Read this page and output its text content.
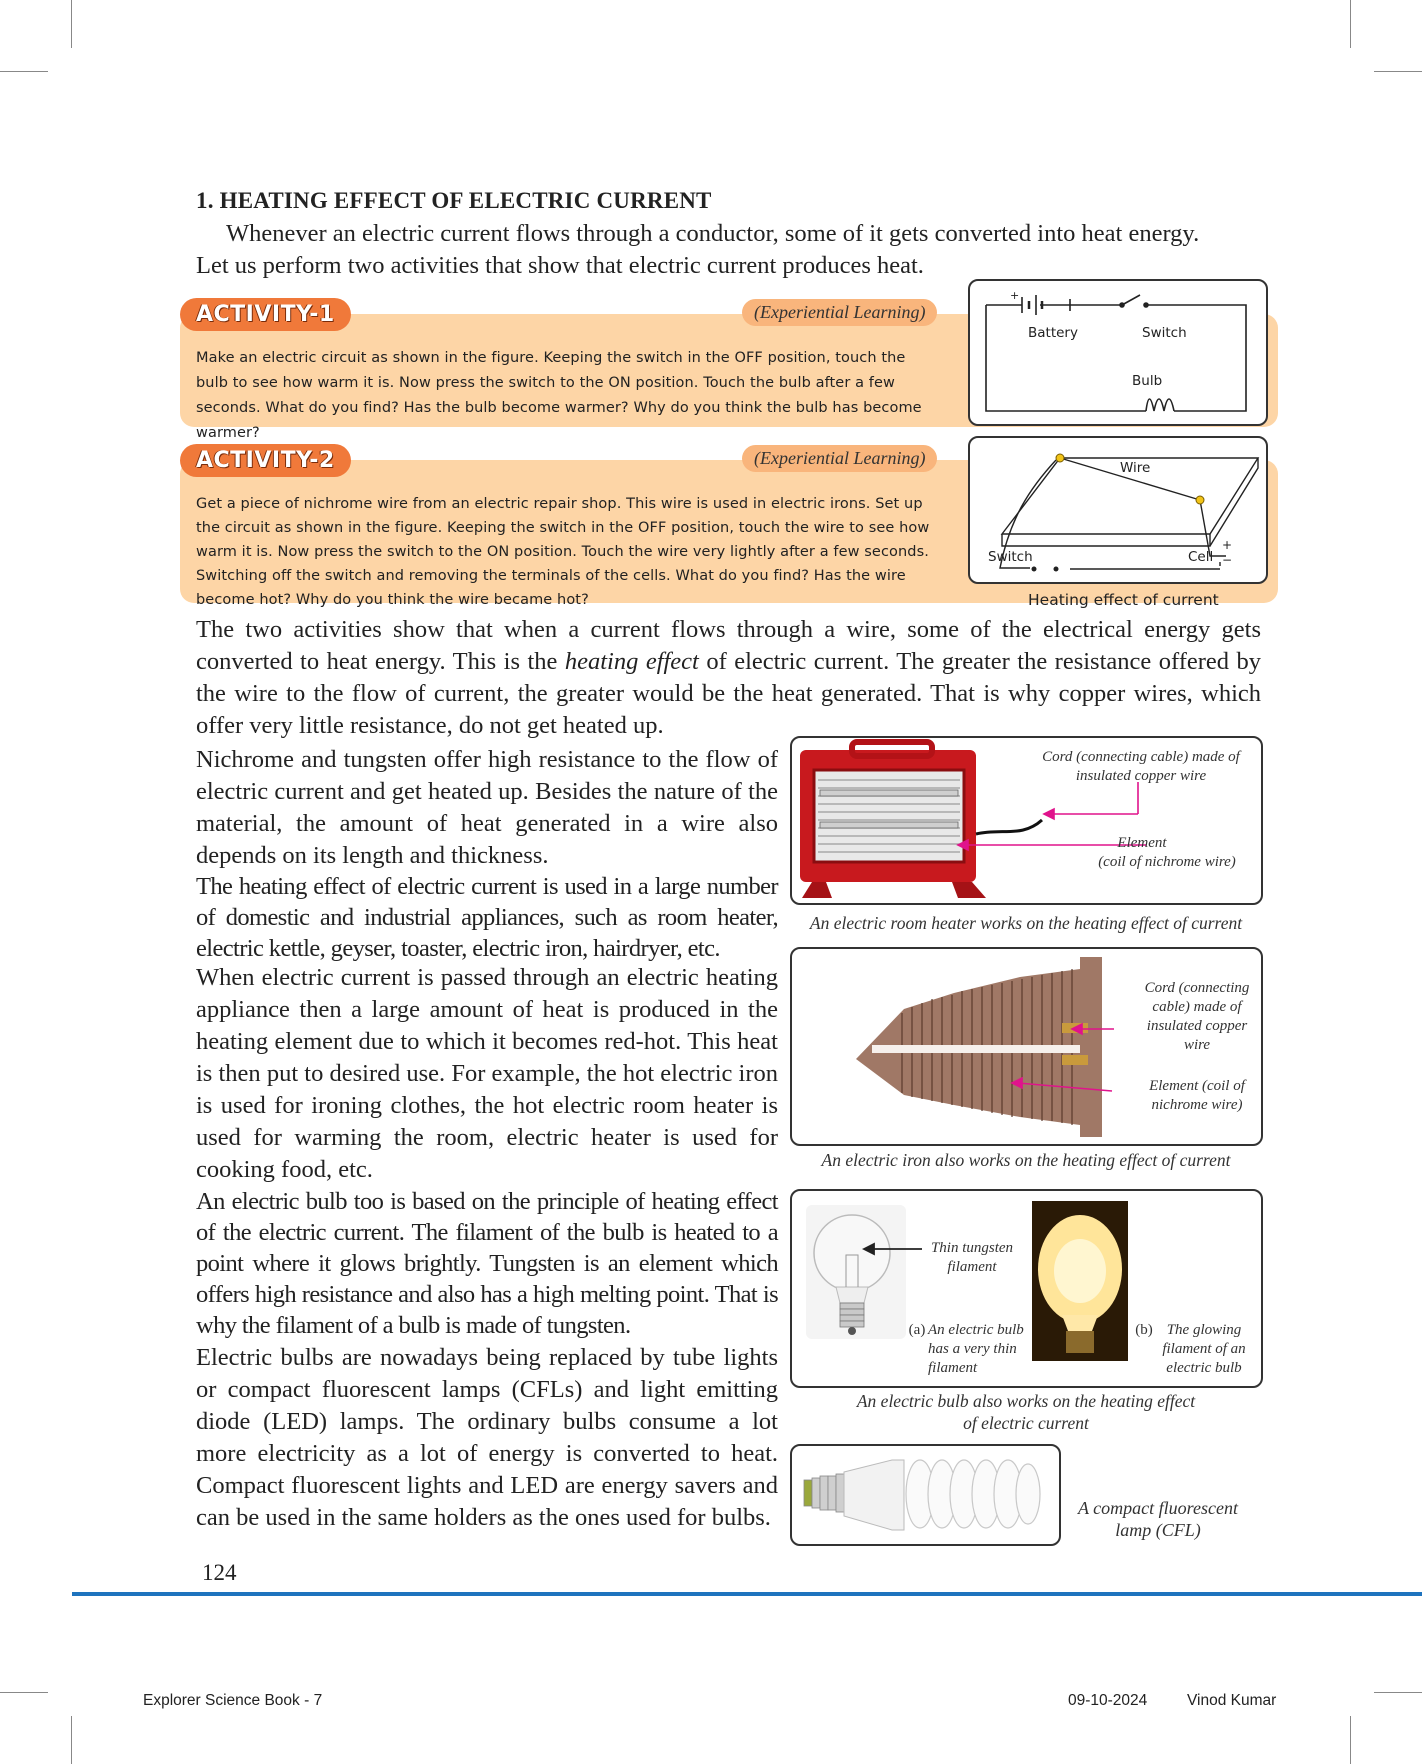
1. HEATING EFFECT OF ELECTRIC CURRENT
Whenever an electric current flows through a conductor, some of it gets converted into heat energy.
Let us perform two activities that show that electric current produces heat.
ACTIVITY-1	(Experiential Learning)

Make an electric circuit as shown in the figure. Keeping the switch in the OFF position, touch the bulb to see how warm it is. Now press the switch to the ON position. Touch the bulb after a few seconds. What do you find? Has the bulb become warmer? Why do you think the bulb has become warmer?

+
Battery	Switch
Bulb
ACTIVITY-2	(Experiential Learning)

Get a piece of nichrome wire from an electric repair shop. This wire is used in electric irons. Set up the circuit as shown in the figure. Keeping the switch in the OFF position, touch the wire to see how warm it is. Now press the switch to the ON position. Touch the wire very lightly after a few seconds. Switching off the switch and removing the terminals of the cells. What do you find? Has the wire become hot? Why do you think the wire became hot?

+
−
Wire
Switch	Cell
Heating effect of current

The two activities show that when a current flows through a wire, some of the electrical energy gets converted to heat energy. This is the heating effect of electric current. The greater the resistance offered by the wire to the flow of current, the greater would be the heat generated. That is why copper wires, which offer very little resistance, do not get heated up.

Nichrome and tungsten offer high resistance to the flow of electric current and get heated up. Besides the nature of the material, the amount of heat generated in a wire also depends on its length and thickness.

The heating effect of electric current is used in a large number of domestic and industrial appliances, such as room heater, electric kettle, geyser, toaster, electric iron, hairdryer, etc.

When electric current is passed through an electric heating appliance then a large amount of heat is produced in the heating element due to which it becomes red-hot. This heat is then put to desired use. For example, the hot electric iron is used for ironing clothes, the hot electric room heater is used for warming the room, electric heater is used for cooking food, etc.

An electric bulb too is based on the principle of heating effect of the electric current. The filament of the bulb is heated to a point where it glows brightly. Tungsten is an element which offers high resistance and also has a high melting point. That is why the filament of a bulb is made of tungsten.

Electric bulbs are nowadays being replaced by tube lights or compact fluorescent lamps (CFLs) and light emitting diode (LED) lamps. The ordinary bulbs consume a lot more electricity as a lot of energy is converted to heat. Compact fluorescent lights and LED are energy savers and can be used in the same holders as the ones used for bulbs.

Cord (connecting cable) made of insulated copper wire
Element
(coil of nichrome wire)
An electric room heater works on the heating effect of current
Cord (connecting cable) made of insulated copper wire
Element (coil of nichrome wire)
An electric iron also works on the heating effect of current
Thin tungsten filament
(a) An electric bulb has a very thin filament
(b) The glowing filament of an electric bulb
An electric bulb also works on the heating effect
of electric current
A compact fluorescent
lamp (CFL)
124
Explorer Science Book - 7	09-10-2024	Vinod Kumar
